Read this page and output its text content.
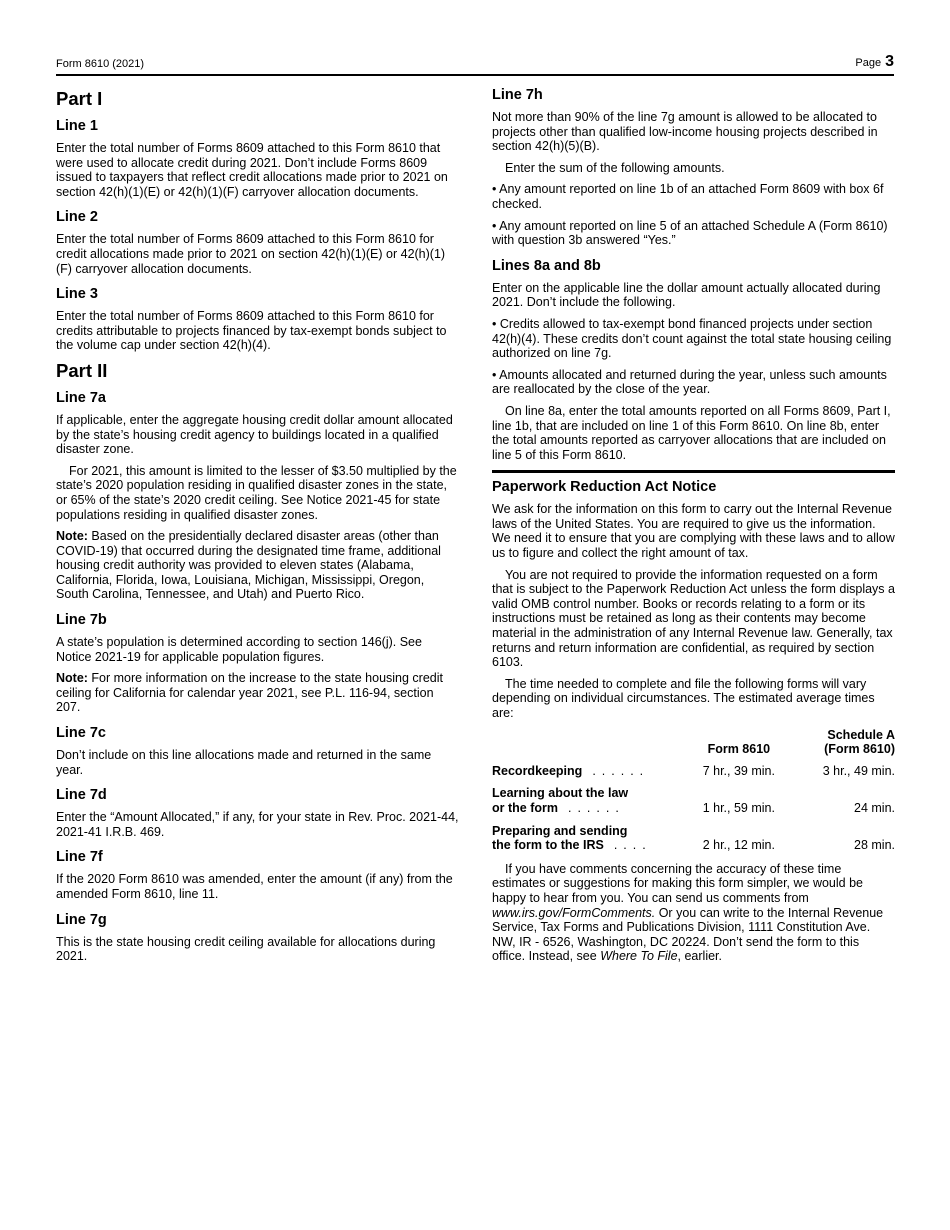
Form 8610 (2021)	Page 3
Part I
Line 1

Enter the total number of Forms 8609 attached to this Form 8610 that were used to allocate credit during 2021. Don’t include Forms 8609 issued to taxpayers that reflect credit allocations made prior to 2021 on section 42(h)(1)(E) or 42(h)(1)(F) carryover allocation documents.

Line 2

Enter the total number of Forms 8609 attached to this Form 8610 for credit allocations made prior to 2021 on section 42(h)(1)(E) or 42(h)(1)(F) carryover allocation documents.

Line 3

Enter the total number of Forms 8609 attached to this Form 8610 for credits attributable to projects financed by tax-exempt bonds subject to the volume cap under section 42(h)(4).

Part II
Line 7a

If applicable, enter the aggregate housing credit dollar amount allocated by the state’s housing credit agency to buildings located in a qualified disaster zone.

For 2021, this amount is limited to the lesser of $3.50 multiplied by the state’s 2020 population residing in qualified disaster zones in the state, or 65% of the state’s 2020 credit ceiling. See Notice 2021-45 for state populations residing in qualified disaster zones.

Note: Based on the presidentially declared disaster areas (other than COVID-19) that occurred during the designated time frame, additional housing credit authority was provided to eleven states (Alabama, California, Florida, Iowa, Louisiana, Michigan, Mississippi, Oregon, South Carolina, Tennessee, and Utah) and Puerto Rico.

Line 7b

A state’s population is determined according to section 146(j). See Notice 2021-19 for applicable population figures.

Note: For more information on the increase to the state housing credit ceiling for California for calendar year 2021, see P.L. 116-94, section 207.

Line 7c

Don’t include on this line allocations made and returned in the same year.

Line 7d

Enter the “Amount Allocated,” if any, for your state in Rev. Proc. 2021-44, 2021-41 I.R.B. 469.

Line 7f

If the 2020 Form 8610 was amended, enter the amount (if any) from the amended Form 8610, line 11.

Line 7g

This is the state housing credit ceiling available for allocations during 2021.

Line 7h

Not more than 90% of the line 7g amount is allowed to be allocated to projects other than qualified low-income housing projects described in section 42(h)(5)(B).

Enter the sum of the following amounts.

• Any amount reported on line 1b of an attached Form 8609 with box 6f checked.

• Any amount reported on line 5 of an attached Schedule A (Form 8610) with question 3b answered “Yes.”

Lines 8a and 8b

Enter on the applicable line the dollar amount actually allocated during 2021. Don’t include the following.

• Credits allowed to tax-exempt bond financed projects under section 42(h)(4). These credits don’t count against the total state housing ceiling authorized on line 7g.

• Amounts allocated and returned during the year, unless such amounts are reallocated by the close of the year.

On line 8a, enter the total amounts reported on all Forms 8609, Part I, line 1b, that are included on line 1 of this Form 8610. On line 8b, enter the total amounts reported as carryover allocations that are included on line 5 of this Form 8610.

Paperwork Reduction Act Notice

We ask for the information on this form to carry out the Internal Revenue laws of the United States. You are required to give us the information. We need it to ensure that you are complying with these laws and to allow us to figure and collect the right amount of tax.

You are not required to provide the information requested on a form that is subject to the Paperwork Reduction Act unless the form displays a valid OMB control number. Books or records relating to a form or its instructions must be retained as long as their contents may become material in the administration of any Internal Revenue law. Generally, tax returns and return information are confidential, as required by section 6103.

The time needed to complete and file the following forms will vary depending on individual circumstances. The estimated average times are:

	Form 8610	Schedule A
(Form 8610)
Recordkeeping ......	7 hr., 39 min.	3 hr., 49 min.
Learning about the law
or the form ......	1 hr., 59 min.	24 min.
Preparing and sending
the form to the IRS ....	2 hr., 12 min.	28 min.

If you have comments concerning the accuracy of these time estimates or suggestions for making this form simpler, we would be happy to hear from you. You can send us comments from www.irs.gov/FormComments. Or you can write to the Internal Revenue Service, Tax Forms and Publications Division, 1111 Constitution Ave. NW, IR - 6526, Washington, DC 20224. Don’t send the form to this office. Instead, see Where To File, earlier.
